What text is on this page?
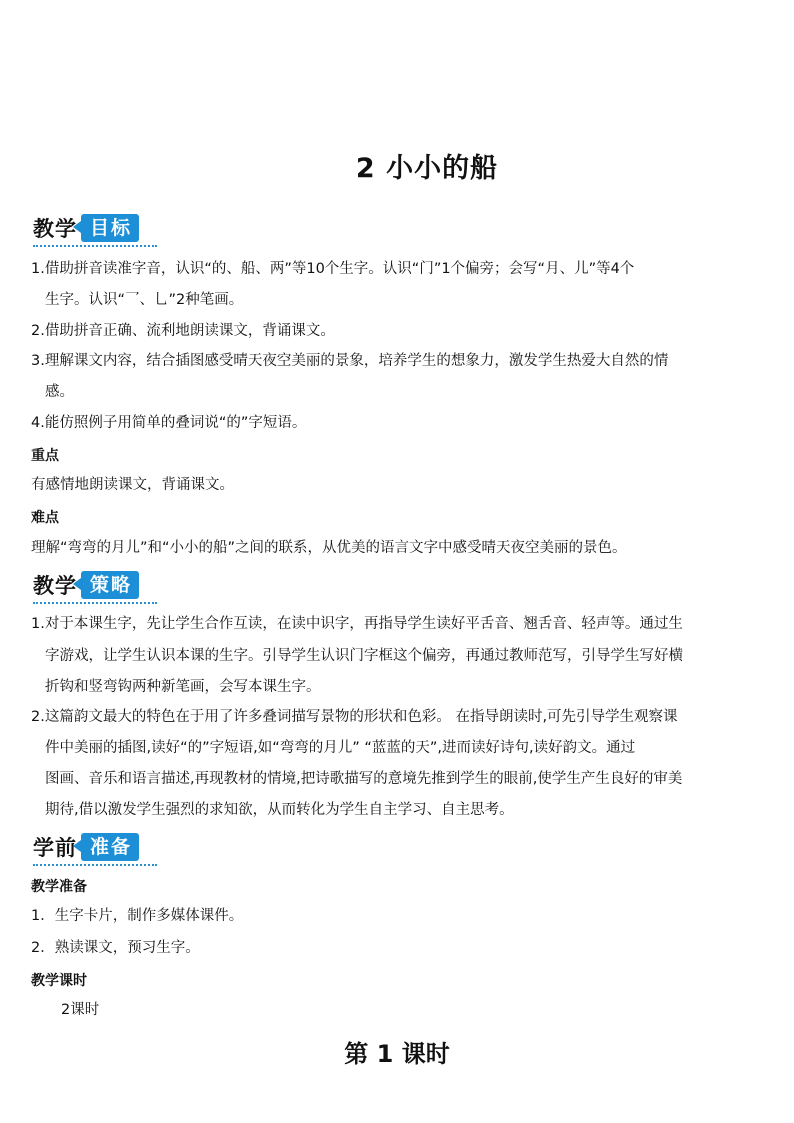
2 小小的船
教学 目标
1.借助拼音读准字音，认识“的、船、两”等10个生字。认识“门”1个偏旁；会写“月、儿”等4个
生字。认识“乛、乚”2种笔画。
2.借助拼音正确、流利地朗读课文，背诵课文。
3.理解课文内容，结合插图感受晴天夜空美丽的景象，培养学生的想象力，激发学生热爱大自然的情
感。
4.能仿照例子用简单的叠词说“的”字短语。
重点
有感情地朗读课文，背诵课文。
难点
理解“弯弯的月儿”和“小小的船”之间的联系，从优美的语言文字中感受晴天夜空美丽的景色。
教学 策略
1.对于本课生字，先让学生合作互读，在读中识字，再指导学生读好平舌音、翘舌音、轻声等。通过生
字游戏，让学生认识本课的生字。引导学生认识门字框这个偏旁，再通过教师范写，引导学生写好横
折钩和竖弯钩两种新笔画，会写本课生字。
2.这篇韵文最大的特色在于用了许多叠词描写景物的形状和色彩。 在指导朗读时,可先引导学生观察课
件中美丽的插图,读好“的”字短语,如“弯弯的月儿” “蓝蓝的天”,进而读好诗句,读好韵文。通过
图画、音乐和语言描述,再现教材的情境,把诗歌描写的意境先推到学生的眼前,使学生产生良好的审美
期待,借以激发学生强烈的求知欲，从而转化为学生自主学习、自主思考。
学前 准备
教学准备
1．生字卡片，制作多媒体课件。
2．熟读课文，预习生字。
教学课时
2课时
第 1 课时
